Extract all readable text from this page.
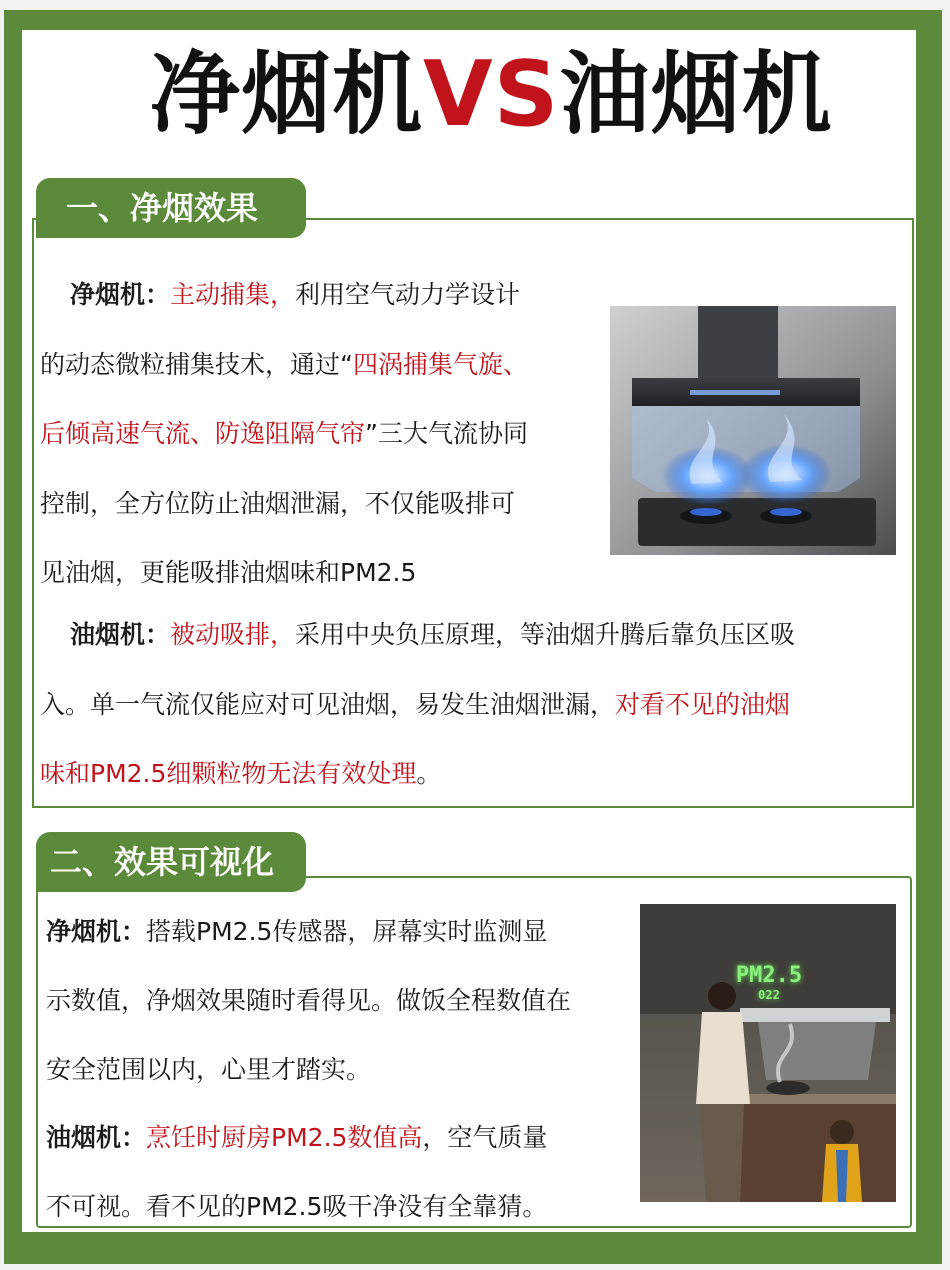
净烟机VS油烟机
一、净烟效果
  净烟机：主动捕集，利用空气动力学设计
的动态微粒捕集技术，通过“四涡捕集气旋、
后倾高速气流、防逸阻隔气帘”三大气流协同
控制，全方位防止油烟泄漏，不仅能吸排可
见油烟，更能吸排油烟味和PM2.5
  油烟机：被动吸排，采用中央负压原理，等油烟升腾后靠负压区吸
入。单一气流仅能应对可见油烟，易发生油烟泄漏，对看不见的油烟
味和PM2.5细颗粒物无法有效处理。
二、效果可视化
净烟机：搭载PM2.5传感器，屏幕实时监测显
示数值，净烟效果随时看得见。做饭全程数值在
安全范围以内，心里才踏实。
油烟机：烹饪时厨房PM2.5数值高，空气质量
不可视。看不见的PM2.5吸干净没有全靠猜。
PM2.5
022
